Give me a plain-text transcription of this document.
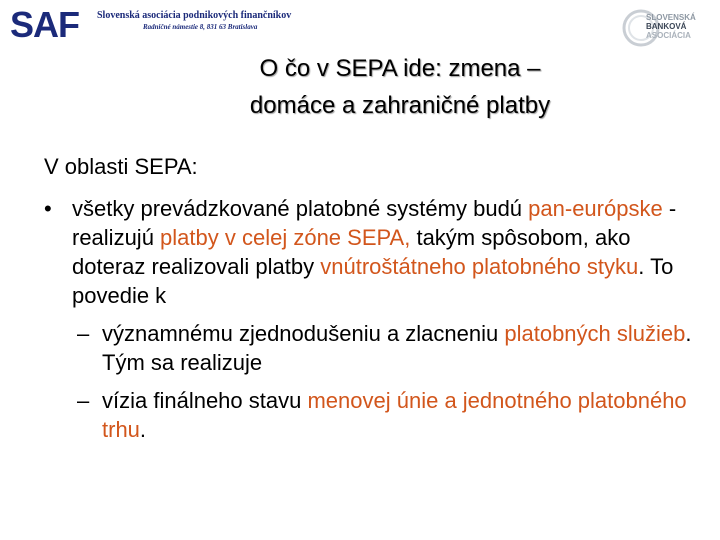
SAF Slovenská asociácia podnikových finančníkov
Radničné námestie 8, 831 63 Bratislava
SLOVENSKÁ
BANKOVÁ
ASOCIÁCIA
O čo v SEPA ide: zmena –
domáce a zahraničné platby

V oblasti SEPA:

• všetky prevádzkované platobné systémy budú pan-európske - realizujú platby v celej zóne SEPA, takým spôsobom, ako doteraz realizovali platby vnútroštátneho platobného styku. To povedie k

– významnému zjednodušeniu a zlacneniu platobných služieb. Tým sa realizuje

– vízia finálneho stavu menovej únie a jednotného platobného trhu.
